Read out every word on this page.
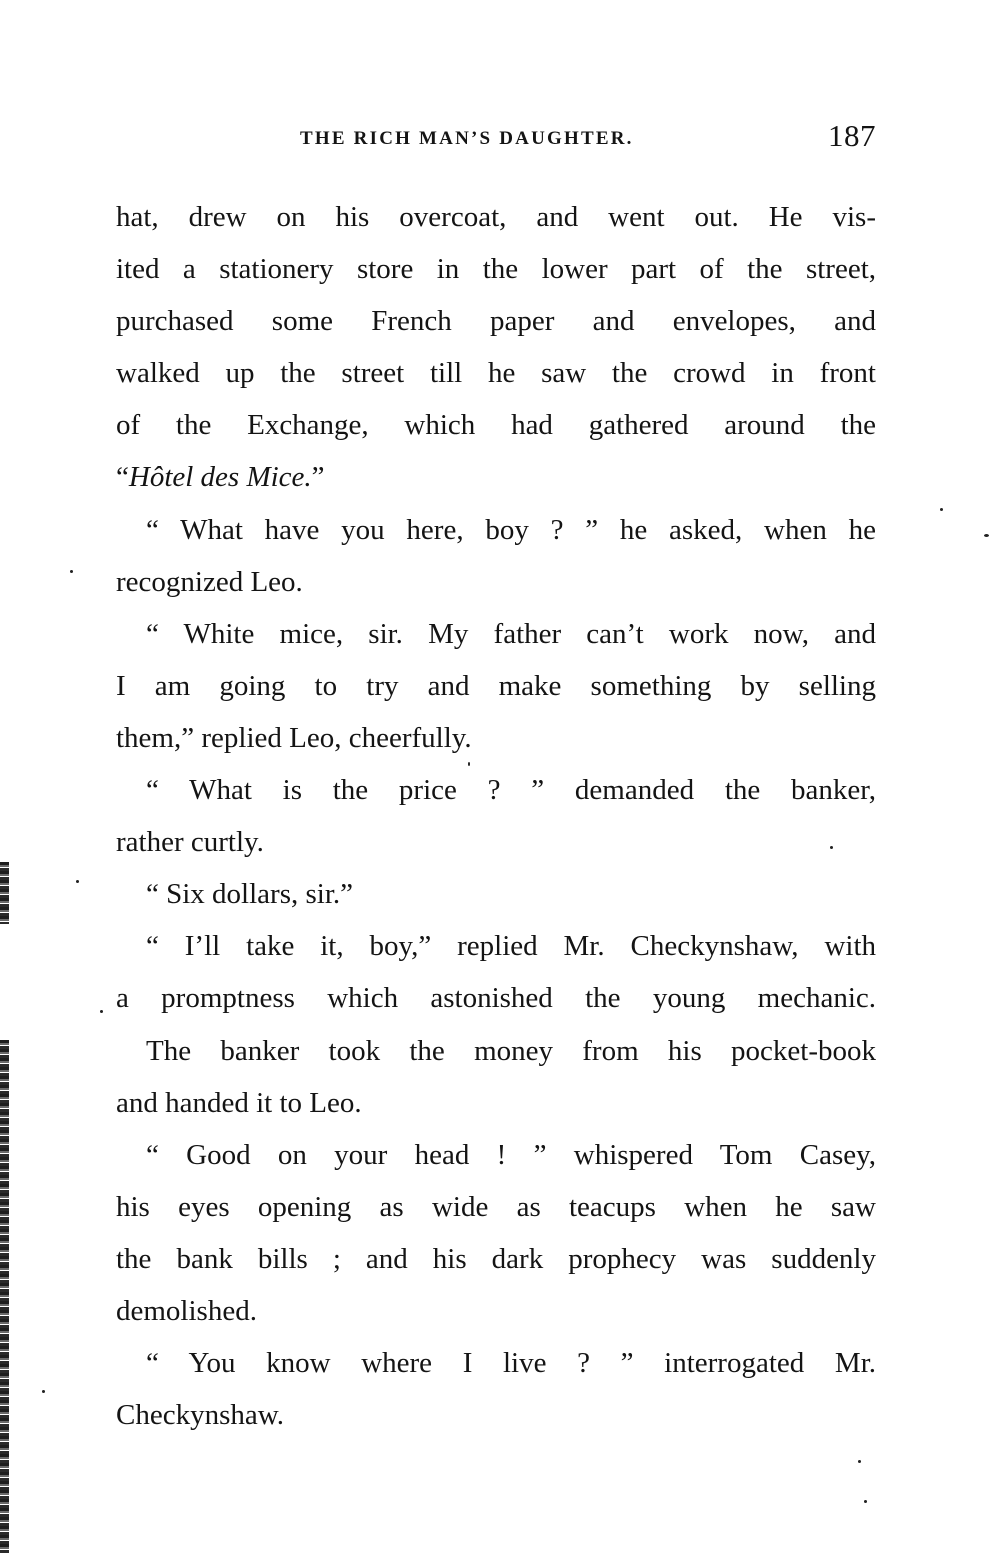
THE RICH MAN’S DAUGHTER.	187
hat, drew on his overcoat, and went out. He vis-
ited a stationery store in the lower part of the street,
purchased some French paper and envelopes, and
walked up the street till he saw the crowd in front
of the Exchange, which had gathered around the
“Hôtel des Mice.”
“ What have you here, boy ? ” he asked, when he
recognized Leo.
“ White mice, sir. My father can’t work now, and
I am going to try and make something by selling
them,” replied Leo, cheerfully.
“ What is the price ? ” demanded the banker,
rather curtly.
“ Six dollars, sir.”
“ I’ll take it, boy,” replied Mr. Checkynshaw, with
a promptness which astonished the young mechanic.
The banker took the money from his pocket-book
and handed it to Leo.
“ Good on your head ! ” whispered Tom Casey,
his eyes opening as wide as teacups when he saw
the bank bills ; and his dark prophecy was suddenly
demolished.
“ You know where I live ? ” interrogated Mr.
Checkynshaw.
